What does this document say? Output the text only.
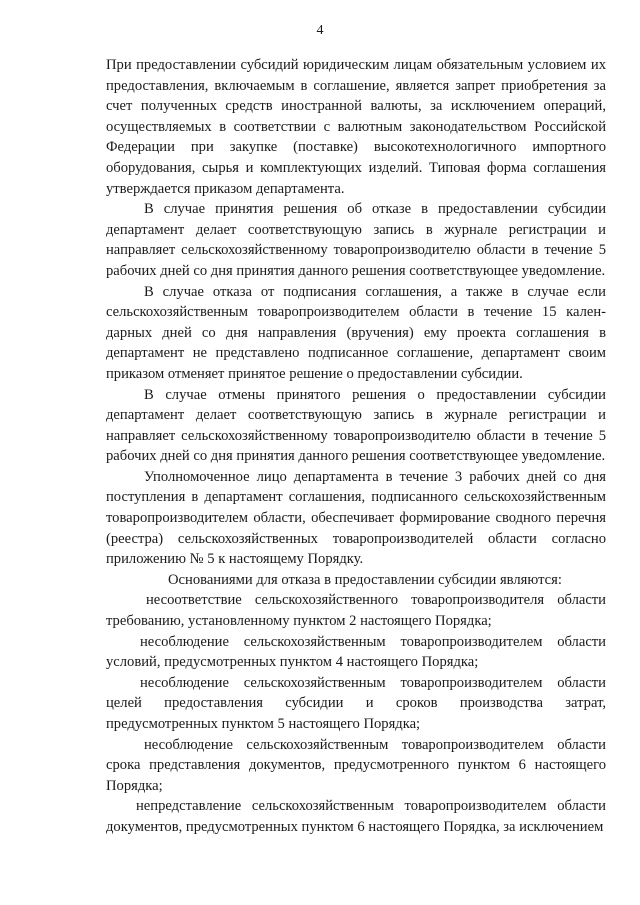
4

При предоставлении субсидий юридическим лицам обязательным условием их предоставления, включаемым в соглашение, является запрет приобретения за счет полученных средств иностранной валюты, за исключением операций, осуществляемых в соответствии с валютным законодательством Российской Федерации при закупке (поставке) высокотехнологичного импортного оборудования, сырья и комплектующих изделий. Типовая форма соглашения утверждается приказом департамента.

В случае принятия решения об отказе в предоставлении субсидии департамент делает соответствующую запись в журнале регистрации и направляет сельскохозяйственному товаропроизводителю области в течение 5 рабочих дней со дня принятия данного решения соответствующее уведомление.

В случае отказа от подписания соглашения, а также в случае если сельскохозяйственным товаропроизводителем области в течение 15 кален-дарных дней со дня направления (вручения) ему проекта соглашения в департамент не представлено подписанное соглашение, департамент своим приказом отменяет принятое решение о предоставлении субсидии.

В случае отмены принятого решения о предоставлении субсидии департамент делает соответствующую запись в журнале регистрации и направляет сельскохозяйственному товаропроизводителю области в течение 5 рабочих дней со дня принятия данного решения соответствующее уведомление.

Уполномоченное лицо департамента в течение 3 рабочих дней со дня поступления в департамент соглашения, подписанного сельскохозяйственным товаропроизводителем области, обеспечивает формирование сводного перечня (реестра) сельскохозяйственных товаропроизводителей области согласно приложению № 5 к настоящему Порядку.

Основаниями для отказа в предоставлении субсидии являются:

несоответствие сельскохозяйственного товаропроизводителя области требованию, установленному пунктом 2 настоящего Порядка;

несоблюдение сельскохозяйственным товаропроизводителем области условий, предусмотренных пунктом 4 настоящего Порядка;

несоблюдение сельскохозяйственным товаропроизводителем области целей предоставления субсидии и сроков производства затрат, предусмотренных пунктом 5 настоящего Порядка;

несоблюдение сельскохозяйственным товаропроизводителем области срока представления документов, предусмотренного пунктом 6 настоящего Порядка;

непредставление сельскохозяйственным товаропроизводителем области документов, предусмотренных пунктом 6 настоящего Порядка, за исключением
